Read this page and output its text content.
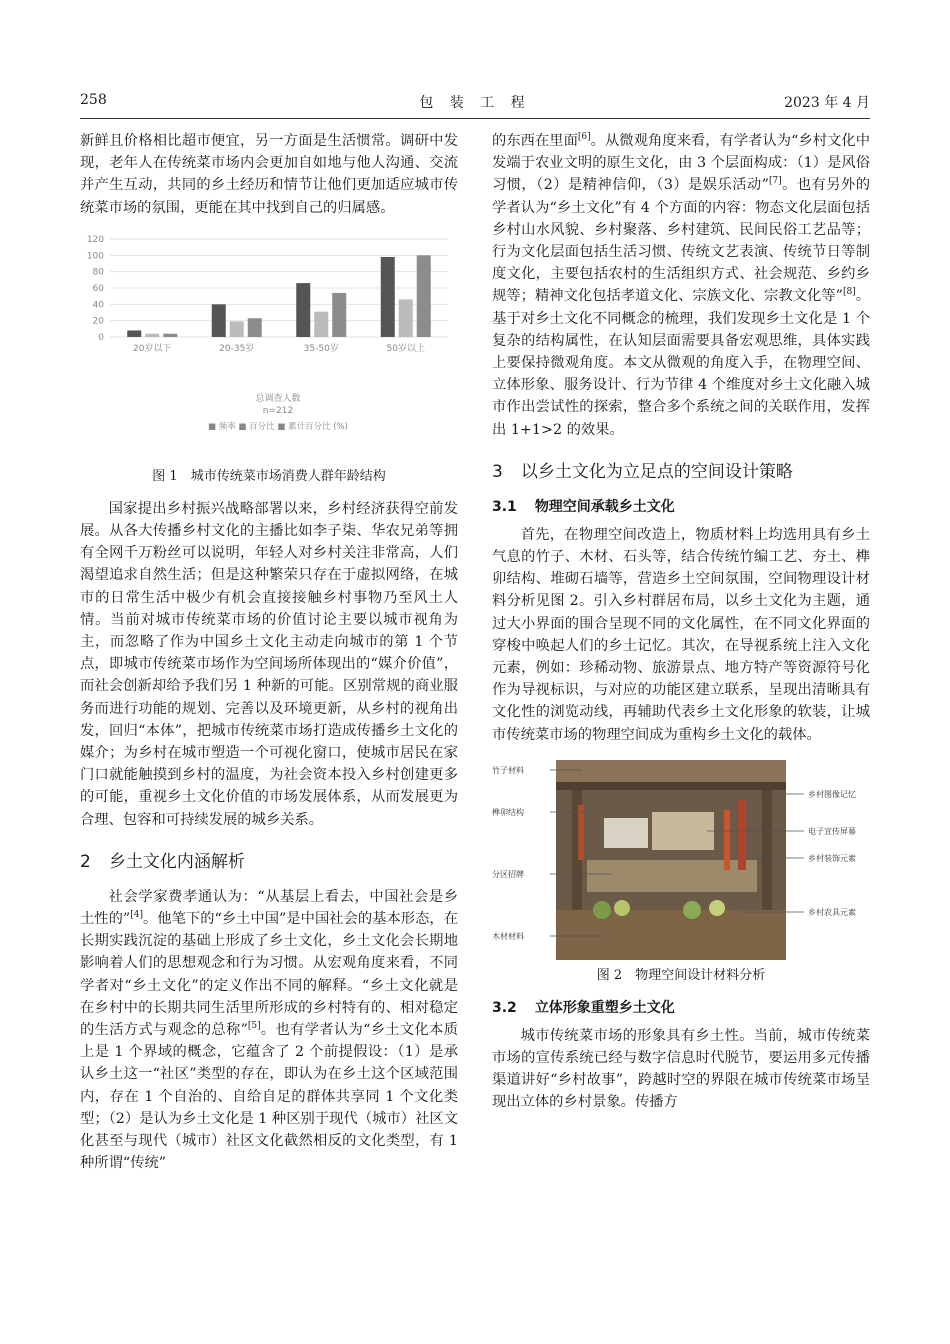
258	包 装 工 程	2023 年 4 月

新鲜且价格相比超市便宜，另一方面是生活惯常。调研中发现，老年人在传统菜市场内会更加自如地与他人沟通、交流并产生互动，共同的乡土经历和情节让他们更加适应城市传统菜市场的氛围，更能在其中找到自己的归属感。

0
20
40
60
80
100
120
20岁以下	20-35岁	35-50岁	50岁以上
总调查人数
n=212
■ 频率 ■ 百分比 ■ 累计百分比 (%)
图 1　城市传统菜市场消费人群年龄结构

国家提出乡村振兴战略部署以来，乡村经济获得空前发展。从各大传播乡村文化的主播比如李子柒、华农兄弟等拥有全网千万粉丝可以说明，年轻人对乡村关注非常高，人们渴望追求自然生活；但是这种繁荣只存在于虚拟网络，在城市的日常生活中极少有机会直接接触乡村事物乃至风土人情。当前对城市传统菜市场的价值讨论主要以城市视角为主，而忽略了作为中国乡土文化主动走向城市的第 1 个节点，即城市传统菜市场作为空间场所体现出的“媒介价值”，而社会创新却给予我们另 1 种新的可能。区别常规的商业服务而进行功能的规划、完善以及环境更新，从乡村的视角出发，回归“本体”，把城市传统菜市场打造成传播乡土文化的媒介；为乡村在城市塑造一个可视化窗口，使城市居民在家门口就能触摸到乡村的温度，为社会资本投入乡村创建更多的可能，重视乡土文化价值的市场发展体系，从而发展更为合理、包容和可持续发展的城乡关系。

2 乡土文化内涵解析

社会学家费孝通认为：“从基层上看去，中国社会是乡土性的”[4]。他笔下的“乡土中国”是中国社会的基本形态，在长期实践沉淀的基础上形成了乡土文化，乡土文化会长期地影响着人们的思想观念和行为习惯。从宏观角度来看，不同学者对“乡土文化”的定义作出不同的解释。“乡土文化就是在乡村中的长期共同生活里所形成的乡村特有的、相对稳定的生活方式与观念的总称”[5]。也有学者认为“乡土文化本质上是 1 个界域的概念，它蕴含了 2 个前提假设：（1）是承认乡土这一“社区”类型的存在，即认为在乡土这个区域范围内，存在 1 个自治的、自给自足的群体共享同 1 个文化类型；（2）是认为乡土文化是 1 种区别于现代（城市）社区文化甚至与现代（城市）社区文化截然相反的文化类型，有 1 种所谓“传统”

的东西在里面[6]。从微观角度来看，有学者认为“乡村文化中发端于农业文明的原生文化，由 3 个层面构成：（1）是风俗习惯，（2）是精神信仰，（3）是娱乐活动”[7]。也有另外的学者认为“乡土文化”有 4 个方面的内容：物态文化层面包括乡村山水风貌、乡村聚落、乡村建筑、民间民俗工艺品等；行为文化层面包括生活习惯、传统文艺表演、传统节日等制度文化，主要包括农村的生活组织方式、社会规范、乡约乡规等；精神文化包括孝道文化、宗族文化、宗教文化等”[8]。基于对乡土文化不同概念的梳理，我们发现乡土文化是 1 个复杂的结构属性，在认知层面需要具备宏观思维，具体实践上要保持微观角度。本文从微观的角度入手，在物理空间、立体形象、服务设计、行为节律 4 个维度对乡土文化融入城市作出尝试性的探索，整合多个系统之间的关联作用，发挥出 1+1>2 的效果。

3 以乡土文化为立足点的空间设计策略
3.1 物理空间承载乡土文化

首先，在物理空间改造上，物质材料上均选用具有乡土气息的竹子、木材、石头等，结合传统竹编工艺、夯土、榫卯结构、堆砌石墙等，营造乡土空间氛围，空间物理设计材料分析见图 2。引入乡村群居布局，以乡土文化为主题，通过大小界面的围合呈现不同的文化属性，在不同文化界面的穿梭中唤起人们的乡土记忆。其次，在导视系统上注入文化元素，例如：珍稀动物、旅游景点、地方特产等资源符号化作为导视标识，与对应的功能区建立联系，呈现出清晰具有文化性的浏览动线，再辅助代表乡土文化形象的软装，让城市传统菜市场的物理空间成为重构乡土文化的载体。

竹子材料
榫卯结构
分区招牌
木材材料
乡村图像记忆
电子宣传屏幕
乡村装饰元素
乡村农具元素
图 2　物理空间设计材料分析
3.2 立体形象重塑乡土文化

城市传统菜市场的形象具有乡土性。当前，城市传统菜市场的宣传系统已经与数字信息时代脱节，要运用多元传播渠道讲好“乡村故事”，跨越时空的界限在城市传统菜市场呈现出立体的乡村景象。传播方
